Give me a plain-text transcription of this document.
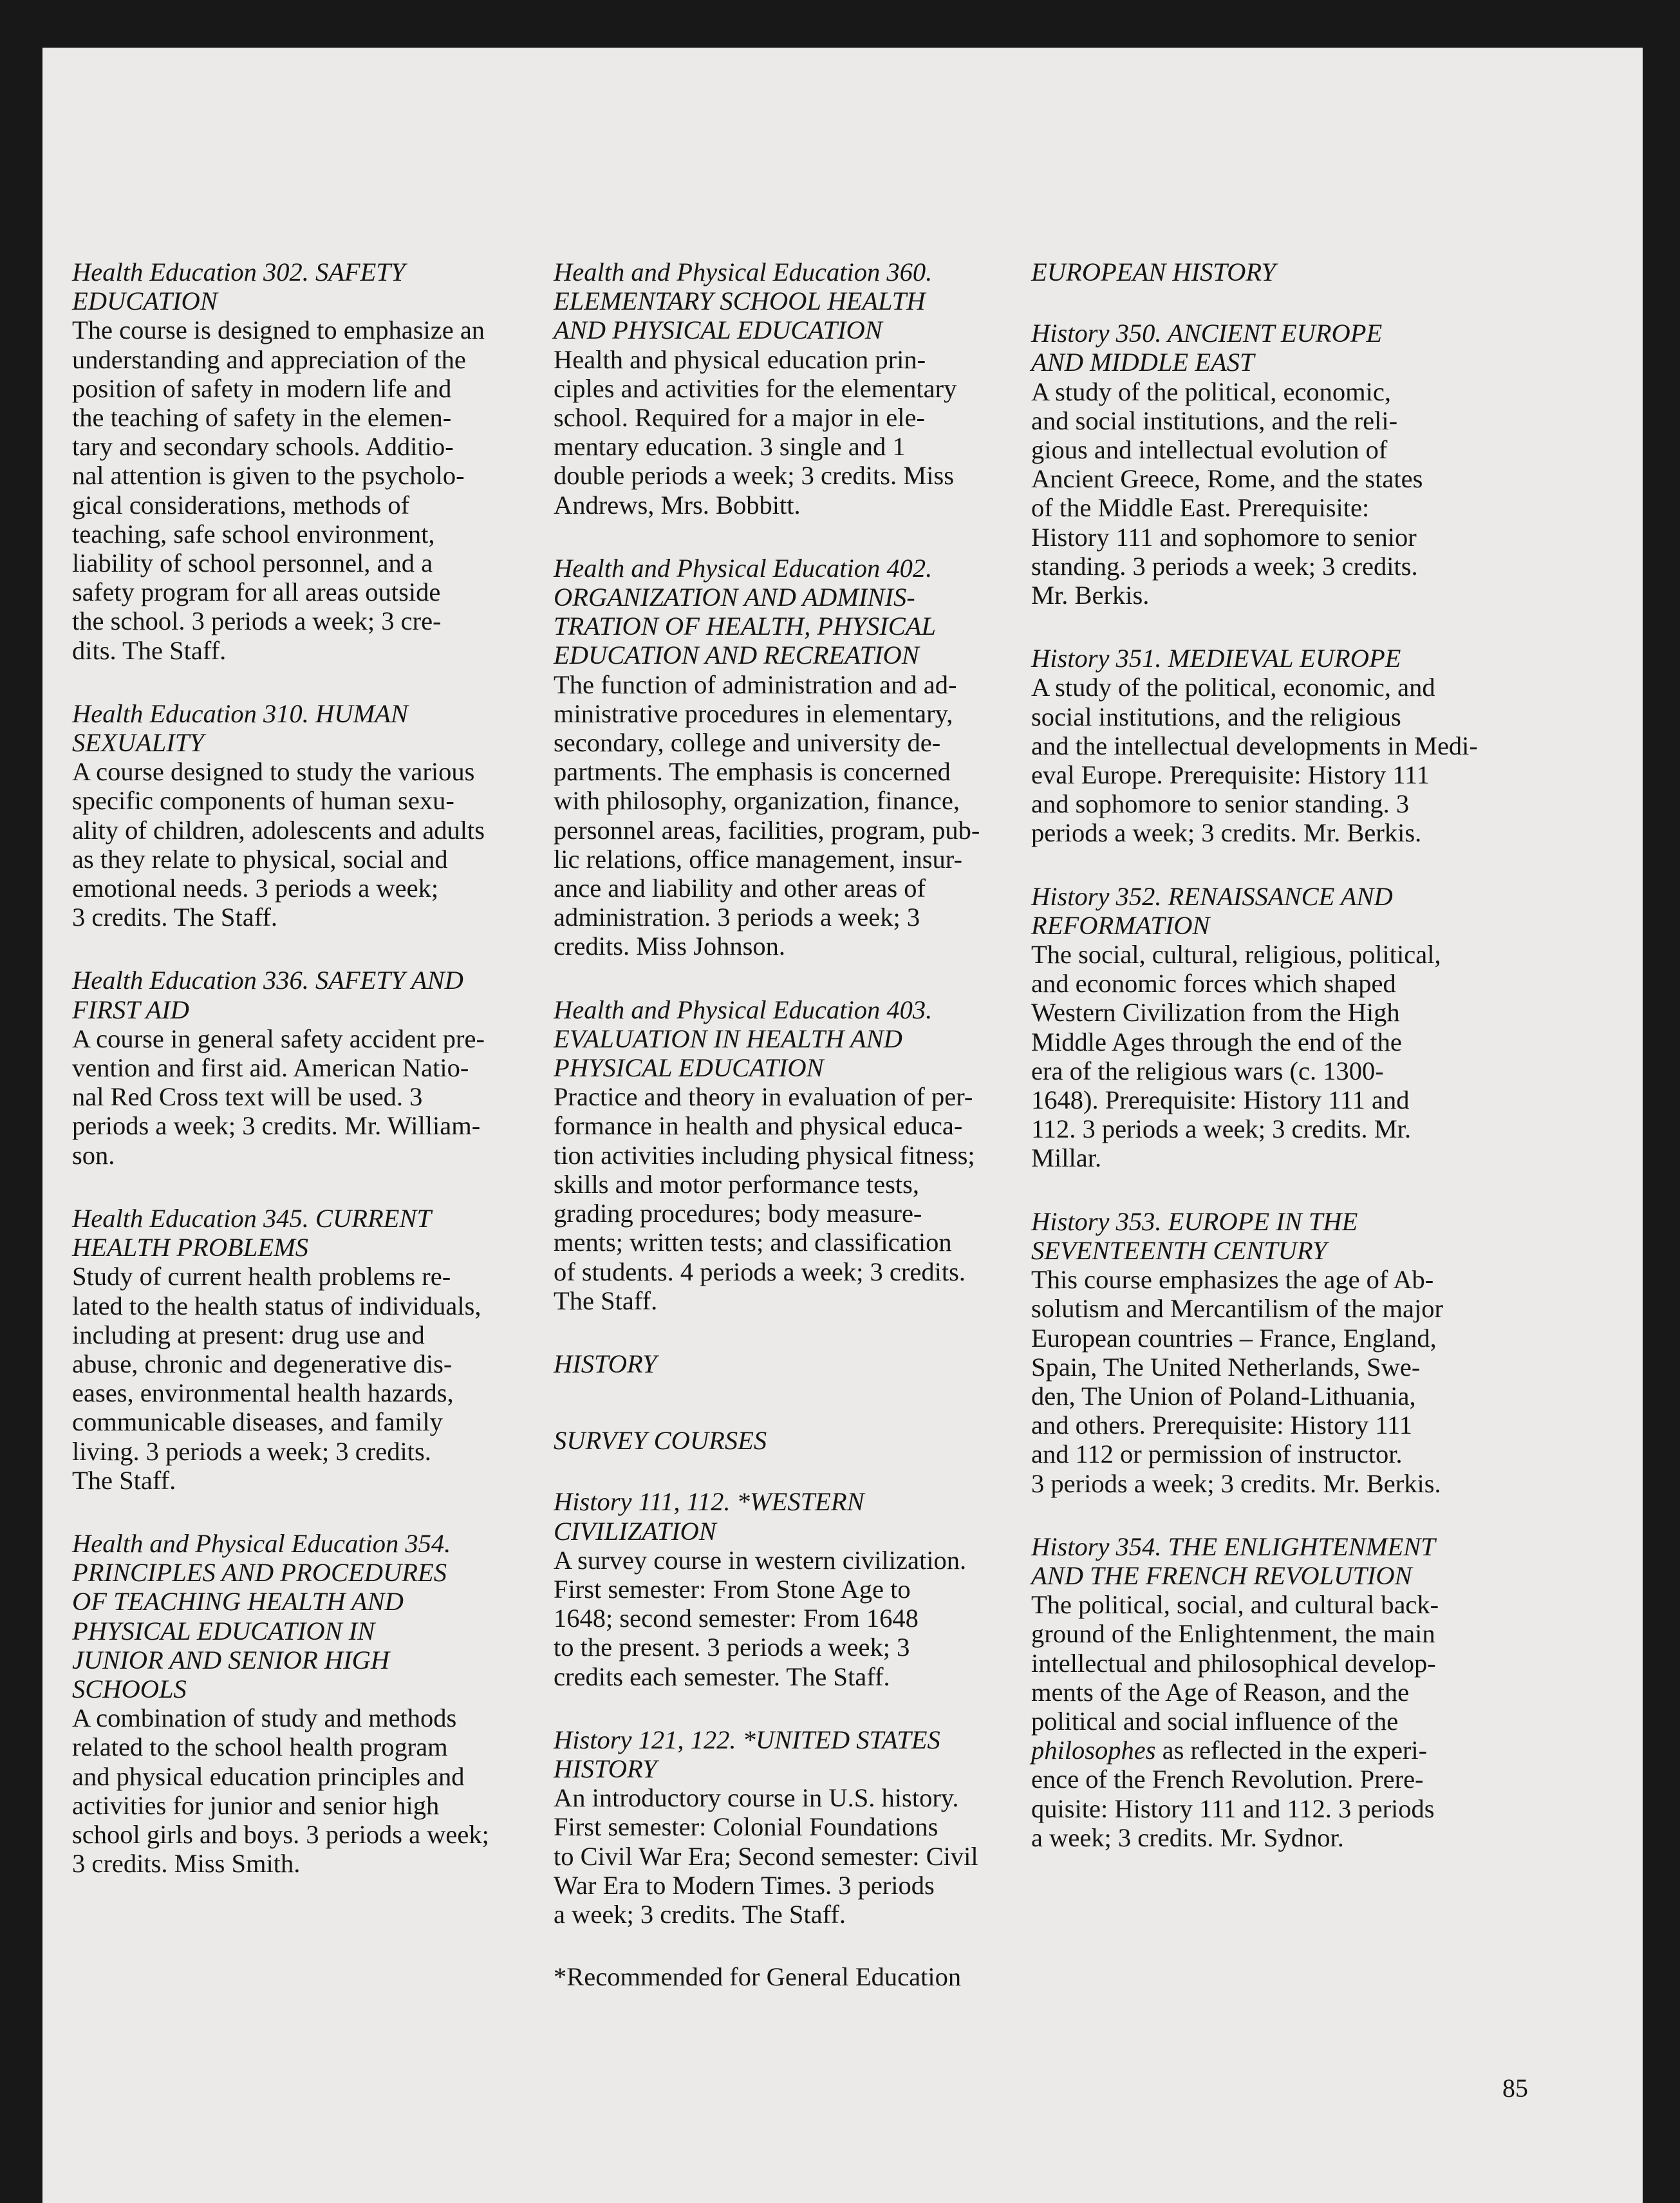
Health Education 302. SAFETY
EDUCATION
The course is designed to emphasize an
understanding and appreciation of the
position of safety in modern life and
the teaching of safety in the elemen-
tary and secondary schools. Additio-
nal attention is given to the psycholo-
gical considerations, methods of
teaching, safe school environment,
liability of school personnel, and a
safety program for all areas outside
the school. 3 periods a week; 3 cre-
dits. The Staff.
Health Education 310. HUMAN
SEXUALITY
A course designed to study the various
specific components of human sexu-
ality of children, adolescents and adults
as they relate to physical, social and
emotional needs. 3 periods a week;
3 credits. The Staff.
Health Education 336. SAFETY AND
FIRST AID
A course in general safety accident pre-
vention and first aid. American Natio-
nal Red Cross text will be used. 3
periods a week; 3 credits. Mr. William-
son.
Health Education 345. CURRENT
HEALTH PROBLEMS
Study of current health problems re-
lated to the health status of individuals,
including at present: drug use and
abuse, chronic and degenerative dis-
eases, environmental health hazards,
communicable diseases, and family
living. 3 periods a week; 3 credits.
The Staff.
Health and Physical Education 354.
PRINCIPLES AND PROCEDURES
OF TEACHING HEALTH AND
PHYSICAL EDUCATION IN
JUNIOR AND SENIOR HIGH
SCHOOLS
A combination of study and methods
related to the school health program
and physical education principles and
activities for junior and senior high
school girls and boys. 3 periods a week;
3 credits. Miss Smith.
Health and Physical Education 360.
ELEMENTARY SCHOOL HEALTH
AND PHYSICAL EDUCATION
Health and physical education prin-
ciples and activities for the elementary
school. Required for a major in ele-
mentary education. 3 single and 1
double periods a week; 3 credits. Miss
Andrews, Mrs. Bobbitt.
Health and Physical Education 402.
ORGANIZATION AND ADMINIS-
TRATION OF HEALTH, PHYSICAL
EDUCATION AND RECREATION
The function of administration and ad-
ministrative procedures in elementary,
secondary, college and university de-
partments. The emphasis is concerned
with philosophy, organization, finance,
personnel areas, facilities, program, pub-
lic relations, office management, insur-
ance and liability and other areas of
administration. 3 periods a week; 3
credits. Miss Johnson.
Health and Physical Education 403.
EVALUATION IN HEALTH AND
PHYSICAL EDUCATION
Practice and theory in evaluation of per-
formance in health and physical educa-
tion activities including physical fitness;
skills and motor performance tests,
grading procedures; body measure-
ments; written tests; and classification
of students. 4 periods a week; 3 credits.
The Staff.
HISTORY
SURVEY COURSES
History 111, 112. *WESTERN
CIVILIZATION
A survey course in western civilization.
First semester: From Stone Age to
1648; second semester: From 1648
to the present. 3 periods a week; 3
credits each semester. The Staff.
History 121, 122. *UNITED STATES
HISTORY
An introductory course in U.S. history.
First semester: Colonial Foundations
to Civil War Era; Second semester: Civil
War Era to Modern Times. 3 periods
a week; 3 credits. The Staff.
*Recommended for General Education
EUROPEAN HISTORY
History 350. ANCIENT EUROPE
AND MIDDLE EAST
A study of the political, economic,
and social institutions, and the reli-
gious and intellectual evolution of
Ancient Greece, Rome, and the states
of the Middle East. Prerequisite:
History 111 and sophomore to senior
standing. 3 periods a week; 3 credits.
Mr. Berkis.
History 351. MEDIEVAL EUROPE
A study of the political, economic, and
social institutions, and the religious
and the intellectual developments in Medi-
eval Europe. Prerequisite: History 111
and sophomore to senior standing. 3
periods a week; 3 credits. Mr. Berkis.
History 352. RENAISSANCE AND
REFORMATION
The social, cultural, religious, political,
and economic forces which shaped
Western Civilization from the High
Middle Ages through the end of the
era of the religious wars (c. 1300-
1648). Prerequisite: History 111 and
112. 3 periods a week; 3 credits. Mr.
Millar.
History 353. EUROPE IN THE
SEVENTEENTH CENTURY
This course emphasizes the age of Ab-
solutism and Mercantilism of the major
European countries – France, England,
Spain, The United Netherlands, Swe-
den, The Union of Poland-Lithuania,
and others. Prerequisite: History 111
and 112 or permission of instructor.
3 periods a week; 3 credits. Mr. Berkis.
History 354. THE ENLIGHTENMENT
AND THE FRENCH REVOLUTION
The political, social, and cultural back-
ground of the Enlightenment, the main
intellectual and philosophical develop-
ments of the Age of Reason, and the
political and social influence of the
philosophes as reflected in the experi-
ence of the French Revolution. Prere-
quisite: History 111 and 112. 3 periods
a week; 3 credits. Mr. Sydnor.
85
